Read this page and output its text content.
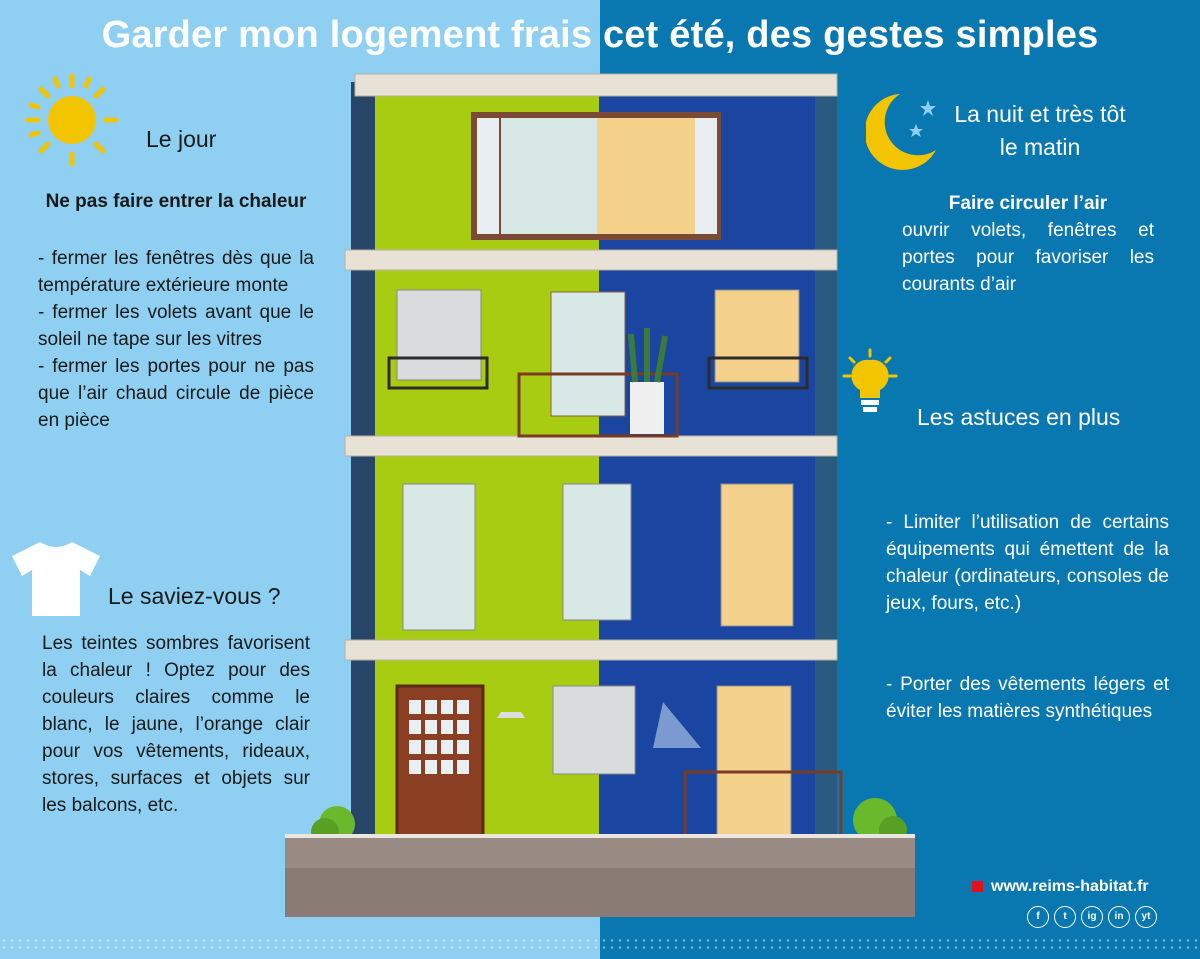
Garder mon logement frais cet été, des gestes simples
Le jour
Ne pas faire entrer la chaleur
- fermer les fenêtres dès que la température extérieure monte
- fermer les volets avant que le soleil ne tape sur les vitres
- fermer les portes pour ne pas que l’air chaud circule de pièce en pièce
Le saviez-vous ?
Les teintes sombres favorisent la chaleur ! Optez pour des couleurs claires comme le blanc, le jaune, l’orange clair pour vos vêtements, rideaux, stores, surfaces et objets sur les balcons, etc.
La nuit et très tôt
le matin
Faire circuler l’air
ouvrir volets, fenêtres et portes pour favoriser les courants d’air
Les astuces en plus
- Limiter l’utilisation de certains équipements qui émettent de la chaleur (ordinateurs, consoles de jeux, fours, etc.)
- Porter des vêtements légers et éviter les matières synthétiques
www.reims-habitat.fr
f	t	ig	in	yt
